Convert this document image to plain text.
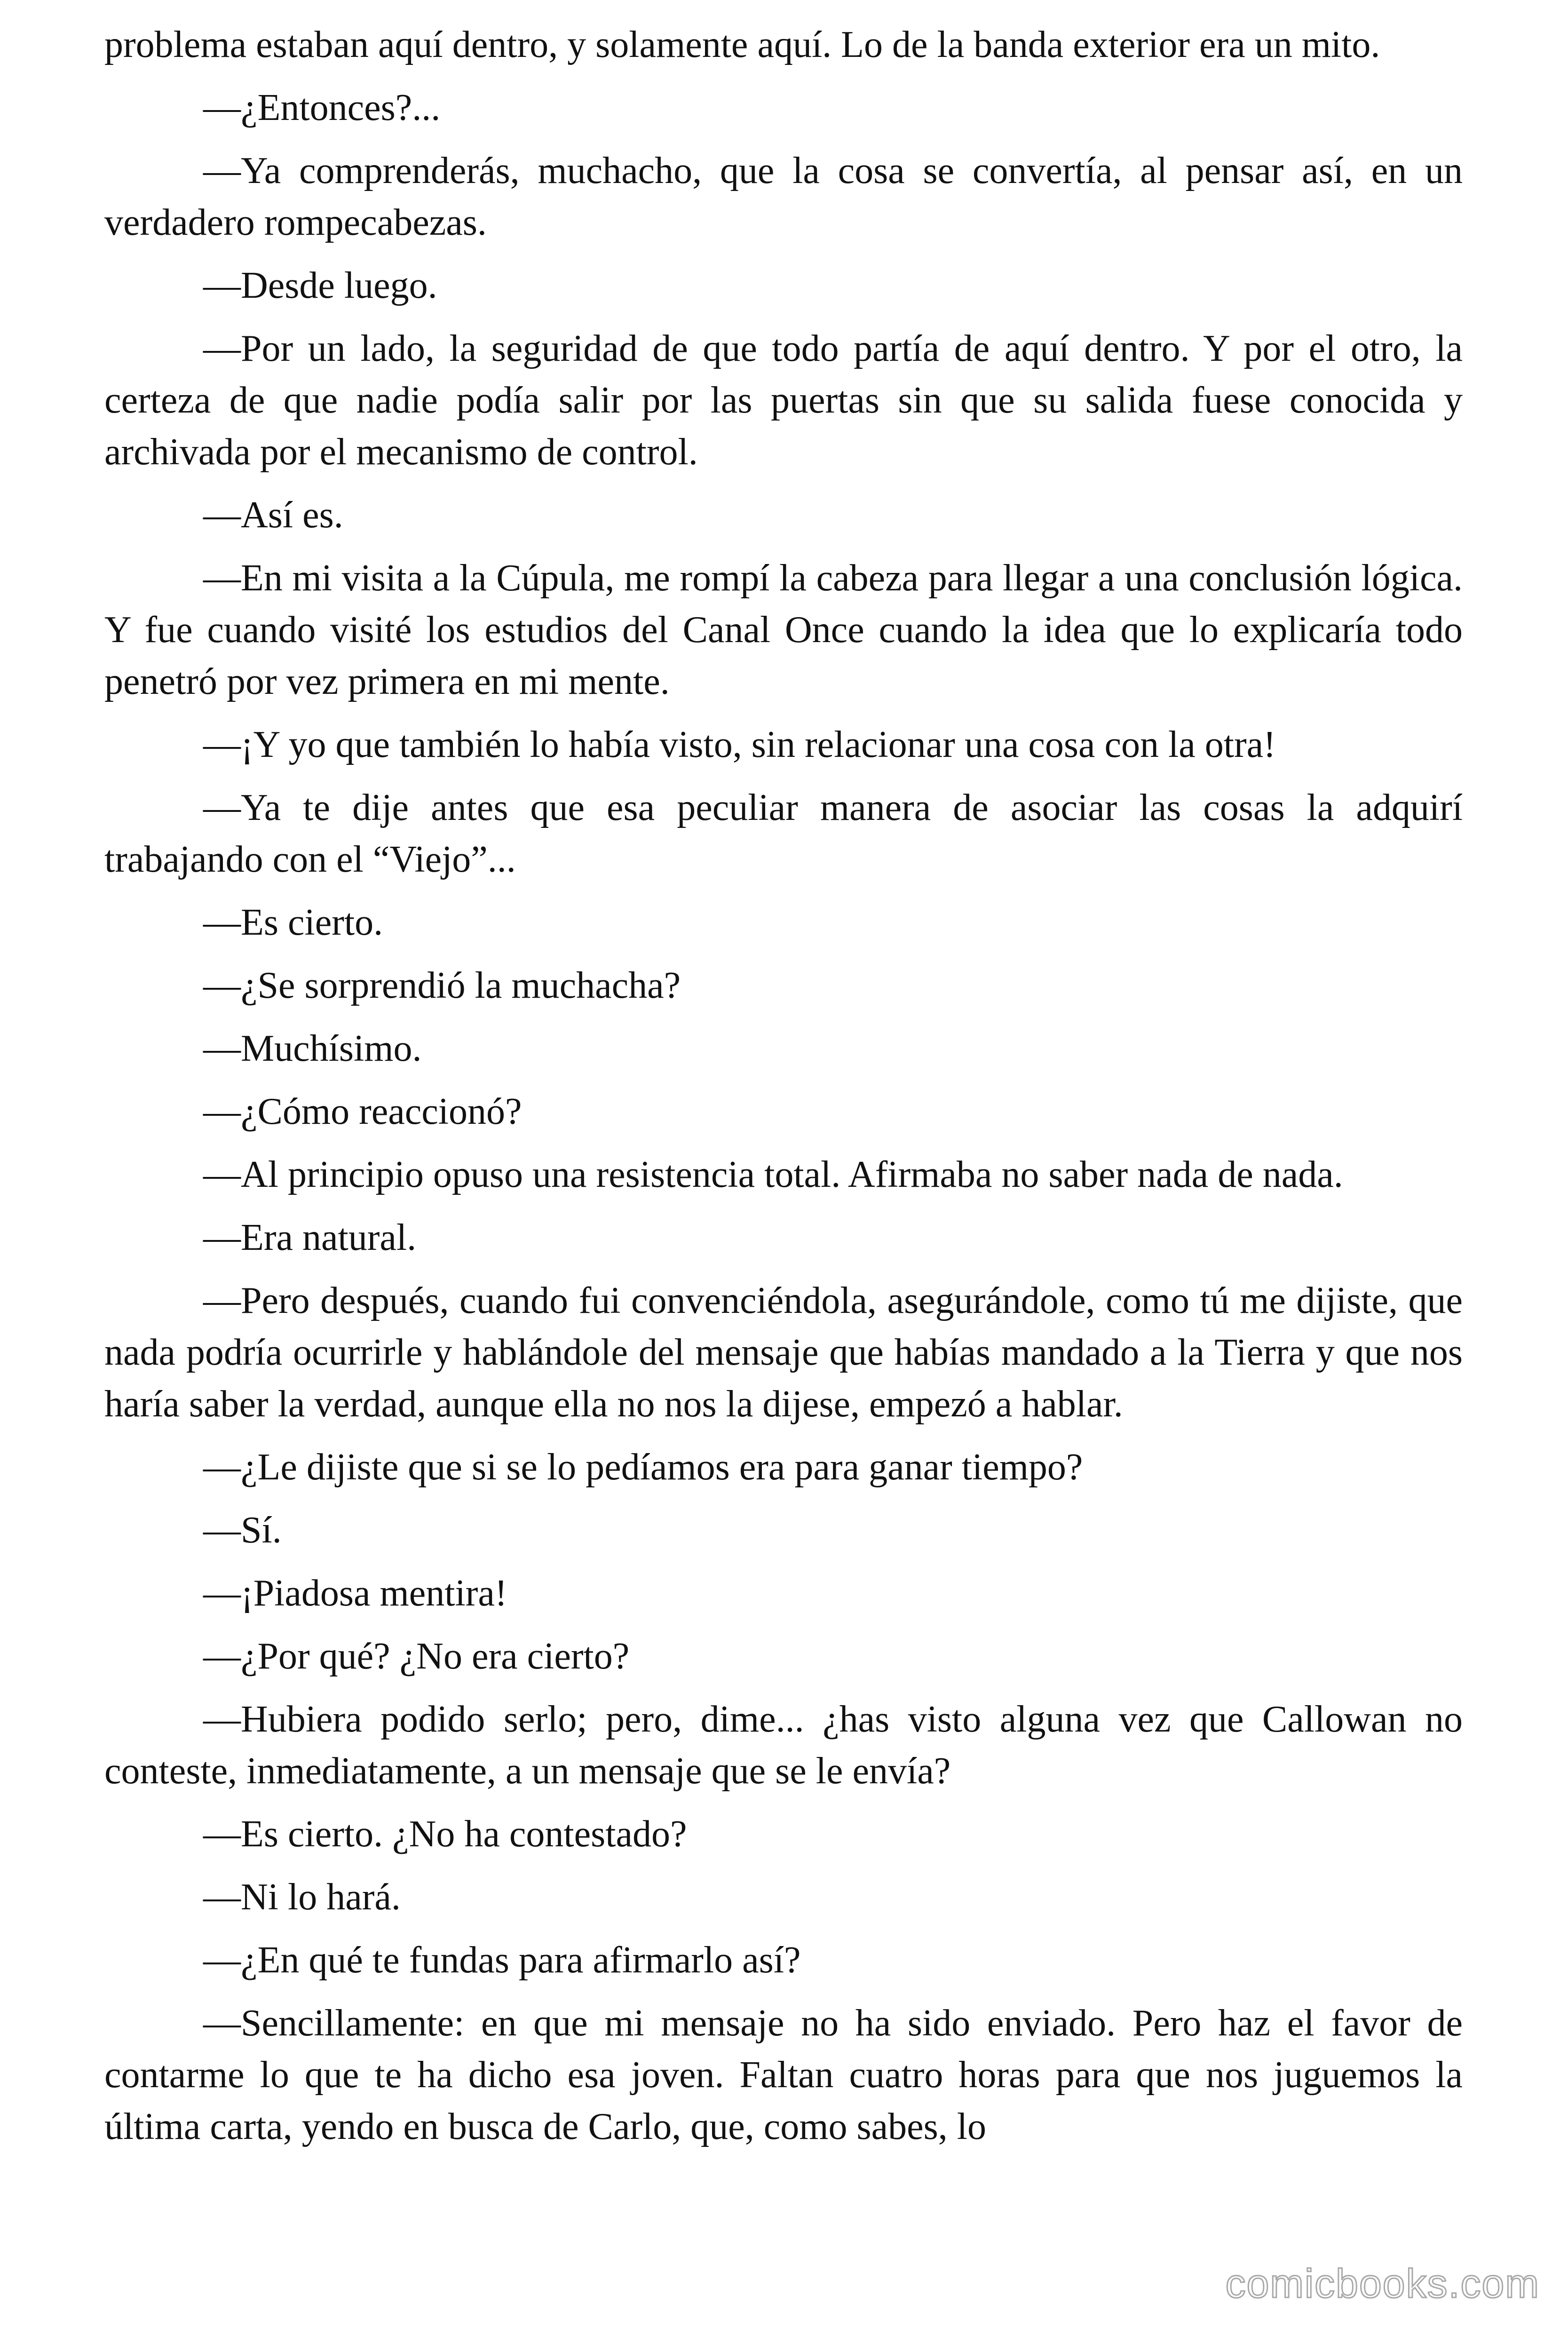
problema estaban aquí dentro, y solamente aquí. Lo de la banda exterior era un mito.

—¿Entonces?...

—Ya comprenderás, muchacho, que la cosa se convertía, al pensar así, en un verdadero rompecabezas.

—Desde luego.

—Por un lado, la seguridad de que todo partía de aquí dentro. Y por el otro, la certeza de que nadie podía salir por las puertas sin que su salida fuese conocida y archivada por el mecanismo de control.

—Así es.

—En mi visita a la Cúpula, me rompí la cabeza para llegar a una conclusión lógica. Y fue cuando visité los estudios del Canal Once cuando la idea que lo explicaría todo penetró por vez primera en mi mente.

—¡Y yo que también lo había visto, sin relacionar una cosa con la otra!

—Ya te dije antes que esa peculiar manera de asociar las cosas la adquirí trabajando con el “Viejo”...

—Es cierto.

—¿Se sorprendió la muchacha?

—Muchísimo.

—¿Cómo reaccionó?

—Al principio opuso una resistencia total. Afirmaba no saber nada de nada.

—Era natural.

—Pero después, cuando fui convenciéndola, asegurándole, como tú me dijiste, que nada podría ocurrirle y hablándole del mensaje que habías mandado a la Tierra y que nos haría saber la verdad, aunque ella no nos la dijese, empezó a hablar.

—¿Le dijiste que si se lo pedíamos era para ganar tiempo?

—Sí.

—¡Piadosa mentira!

—¿Por qué? ¿No era cierto?

—Hubiera podido serlo; pero, dime... ¿has visto alguna vez que Callowan no conteste, inmediatamente, a un mensaje que se le envía?

—Es cierto. ¿No ha contestado?

—Ni lo hará.

—¿En qué te fundas para afirmarlo así?

—Sencillamente: en que mi mensaje no ha sido enviado. Pero haz el favor de contarme lo que te ha dicho esa joven. Faltan cuatro horas para que nos juguemos la última carta, yendo en busca de Carlo, que, como sabes, lo

comicbooks.com
